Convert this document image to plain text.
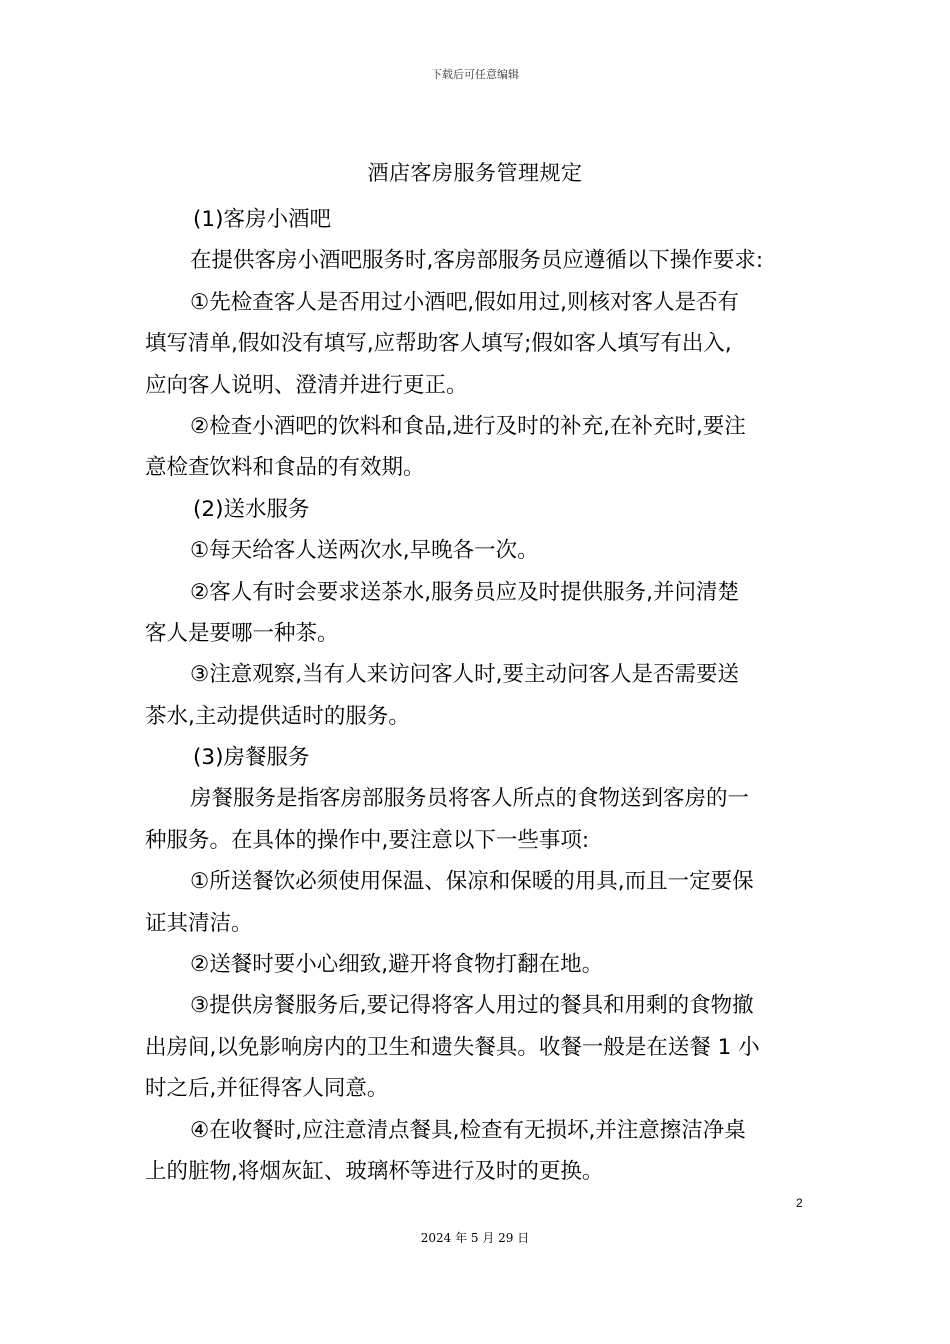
下载后可任意编辑
酒店客房服务管理规定
(1)客房小酒吧
在提供客房小酒吧服务时,客房部服务员应遵循以下操作要求:
①先检查客人是否用过小酒吧,假如用过,则核对客人是否有
填写清单,假如没有填写,应帮助客人填写;假如客人填写有出入,
应向客人说明、澄清并进行更正。
②检查小酒吧的饮料和食品,进行及时的补充,在补充时,要注
意检查饮料和食品的有效期。
(2)送水服务
①每天给客人送两次水,早晚各一次。
②客人有时会要求送茶水,服务员应及时提供服务,并问清楚
客人是要哪一种茶。
③注意观察,当有人来访问客人时,要主动问客人是否需要送
茶水,主动提供适时的服务。
(3)房餐服务
房餐服务是指客房部服务员将客人所点的食物送到客房的一
种服务。在具体的操作中,要注意以下一些事项:
①所送餐饮必须使用保温、保凉和保暖的用具,而且一定要保
证其清洁。
②送餐时要小心细致,避开将食物打翻在地。
③提供房餐服务后,要记得将客人用过的餐具和用剩的食物撤
出房间,以免影响房内的卫生和遗失餐具。收餐一般是在送餐 1 小
时之后,并征得客人同意。
④在收餐时,应注意清点餐具,检查有无损坏,并注意擦洁净桌
上的脏物,将烟灰缸、玻璃杯等进行及时的更换。
2
2024 年 5 月 29 日
